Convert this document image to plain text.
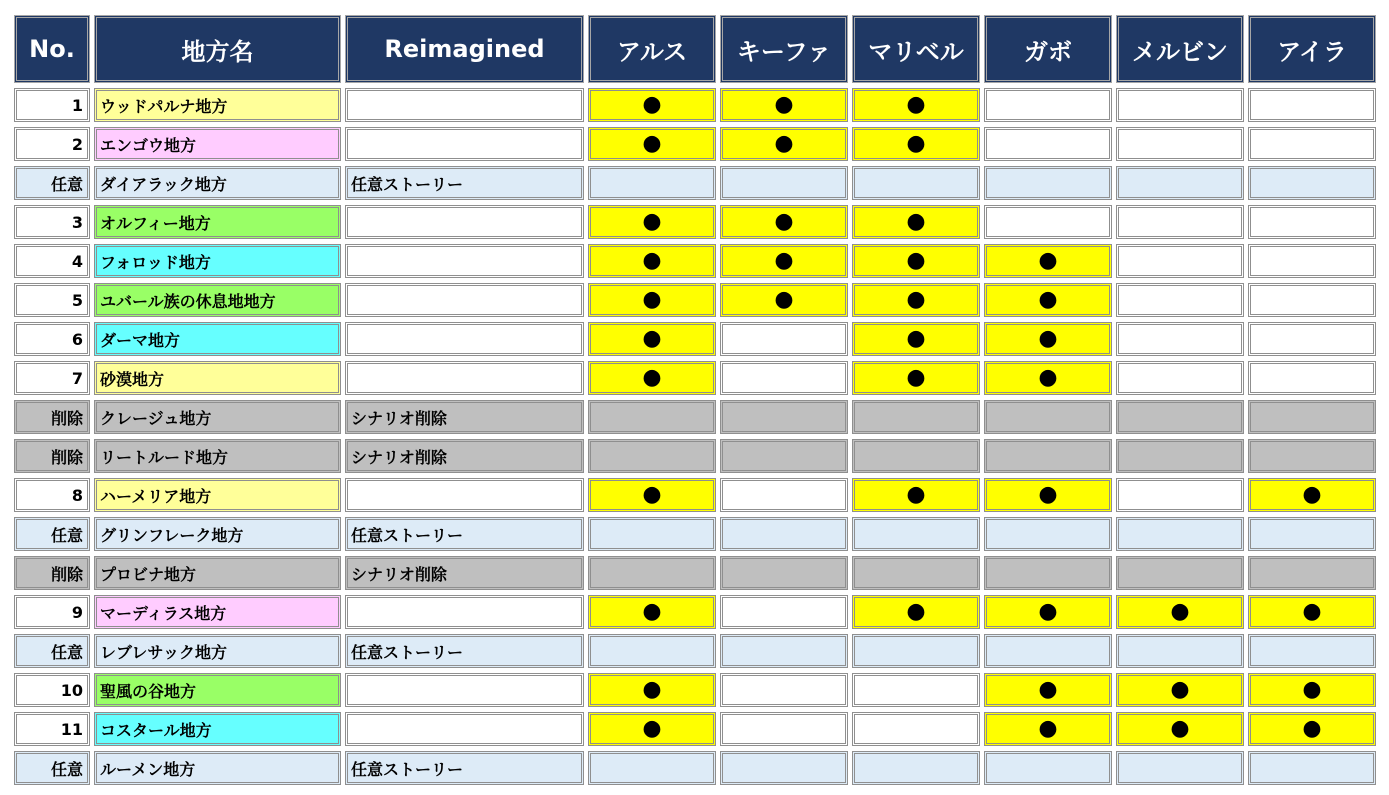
No.	地方名	Reimagined	アルス	キーファ	マリベル	ガボ	メルビン	アイラ
1	ウッドパルナ地方		●	●	●			
2	エンゴウ地方		●	●	●			
任意	ダイアラック地方	任意ストーリー						
3	オルフィー地方		●	●	●			
4	フォロッド地方		●	●	●	●		
5	ユバール族の休息地地方		●	●	●	●		
6	ダーマ地方		●		●	●		
7	砂漠地方		●		●	●		
削除	クレージュ地方	シナリオ削除						
削除	リートルード地方	シナリオ削除						
8	ハーメリア地方		●		●	●		●
任意	グリンフレーク地方	任意ストーリー						
削除	プロビナ地方	シナリオ削除						
9	マーディラス地方		●		●	●	●	●
任意	レブレサック地方	任意ストーリー						
10	聖風の谷地方		●			●	●	●
11	コスタール地方		●			●	●	●
任意	ルーメン地方	任意ストーリー						
